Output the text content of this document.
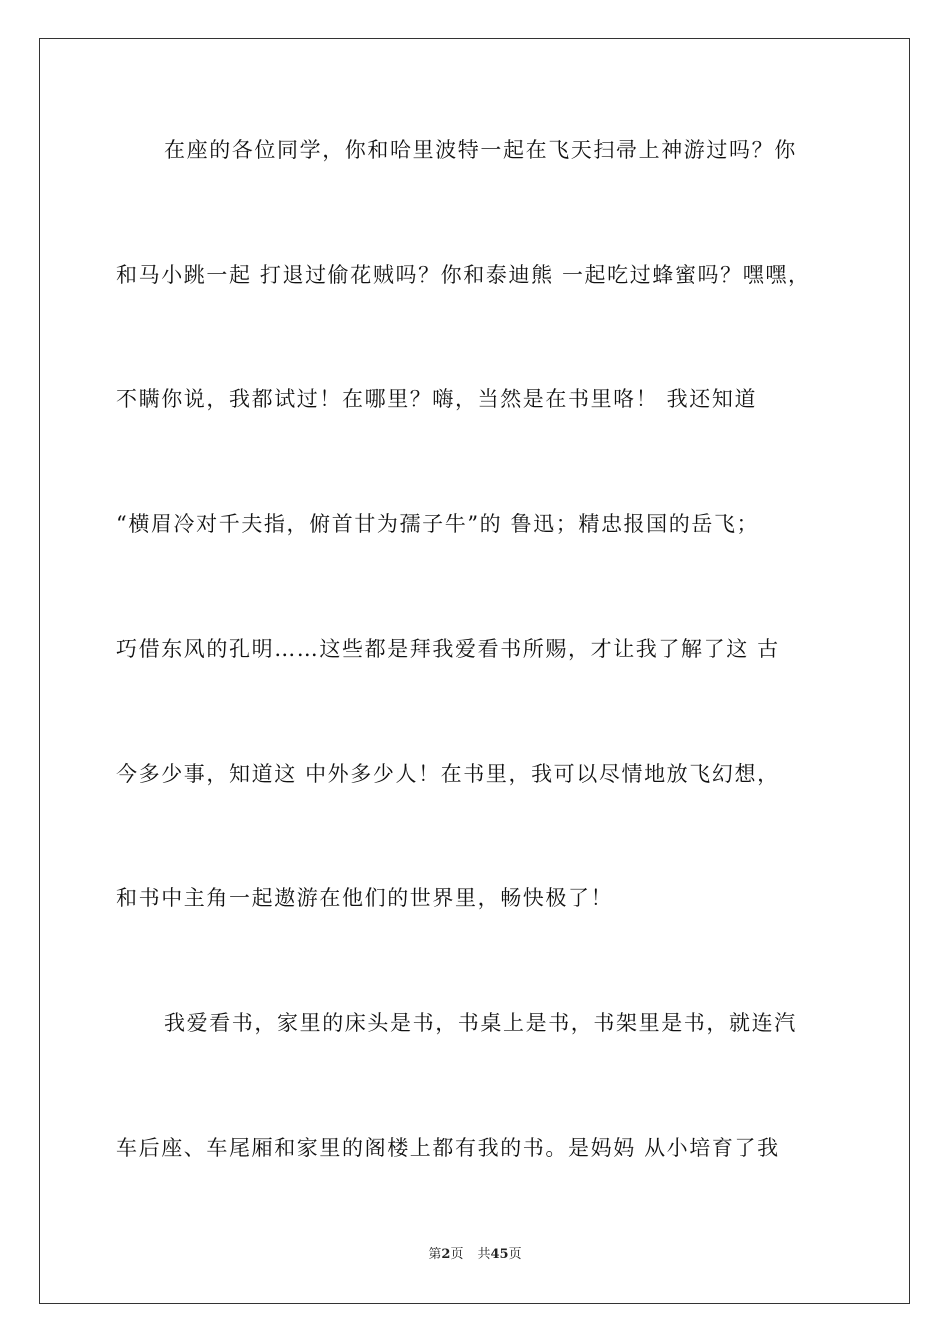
在座的各位同学，你和哈里波特一起在飞天扫帚上神游过吗？你
和马小跳一起 打退过偷花贼吗？你和泰迪熊 一起吃过蜂蜜吗？嘿嘿，
不瞒你说，我都试过！在哪里？嗨，当然是在书里咯！ 我还知道
“横眉冷对千夫指，俯首甘为孺子牛”的 鲁迅；精忠报国的岳飞；
巧借东风的孔明……这些都是拜我爱看书所赐，才让我了解了这 古
今多少事，知道这 中外多少人！在书里，我可以尽情地放飞幻想，
和书中主角一起遨游在他们的世界里，畅快极了！
我爱看书，家里的床头是书，书桌上是书，书架里是书，就连汽
车后座、车尾厢和家里的阁楼上都有我的书。是妈妈 从小培育了我
第2页 共45页
